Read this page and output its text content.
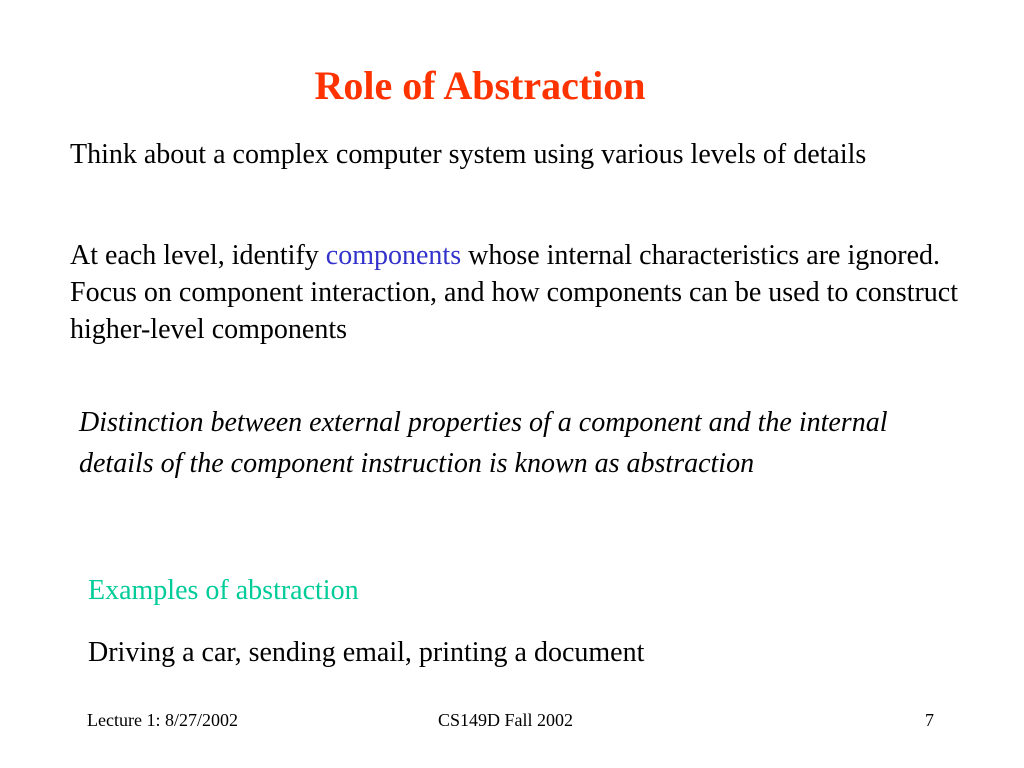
Role of Abstraction
Think about a complex computer system using various levels of details
At each level, identify components whose internal characteristics are ignored. Focus on component interaction, and how components can be used to construct higher-level components
Distinction between external properties of a component and the internal details of the component instruction is known as abstraction
Examples of abstraction
Driving a car, sending email, printing a document
Lecture 1: 8/27/2002	CS149D Fall 2002	7
